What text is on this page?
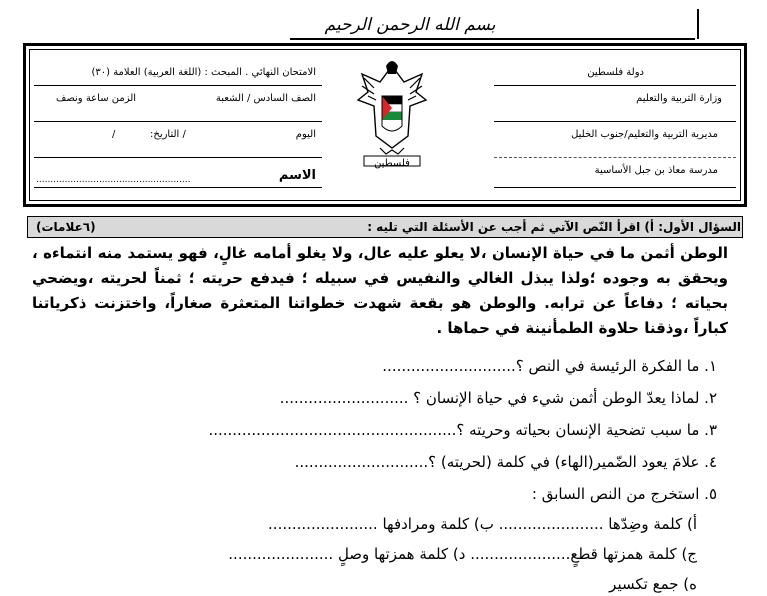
بسم الله الرحمن الرحيم
دولة فلسطين
وزارة التربية والتعليم
مديرية التربية والتعليم/جنوب الخليل
مدرسة معاذ بن جبل الأساسية
الامتحان النهائي . المبحث : (اللغة العربية) العلامة (٣٠)
الصف السادس / الشعبة
الزمن ساعة ونصف
اليوم
/ التاريخ:
/
الاسم
......................................................
فلسطين
السؤال الأول: أ) اقرأ النّص الآتي ثم أجب عن الأسئلة التي تليه :
(٦علامات)
الوطن أثمن ما في حياة الإنسان ،لا يعلو عليه عال، ولا يغلو أمامه غالٍ، فهو يستمد منه انتماءه ، ويحقق به وجوده ؛ولذا يبذل الغالي والنفيس في سبيله ؛ فيدفع حريته ؛ ثمناً لحريته ،ويضحي بحياته ؛ دفاعاً عن ترابه. والوطن هو بقعة شهدت خطواتنا المتعثرة صغاراً، واختزنت ذكرياتنا كباراً ،وذقنا حلاوة الطمأنينة في حماها .
١. ما الفكرة الرئيسة في النص ؟............................
٢. لماذا يعدّ الوطن أثمن شيء في حياة الإنسان ؟ ...........................
٣. ما سبب تضحية الإنسان بحياته وحريته ؟....................................................
٤. علامَ يعود الضّمير(الهاء) في كلمة (لحريته) ؟............................
٥. استخرج من النص السابق :
أ) كلمة وضِدّها ...................... ب) كلمة ومرادفها .......................
ج) كلمة همزتها قطعٍ..................... د) كلمة همزتها وصلٍ ......................
ه) جمع تكسير
